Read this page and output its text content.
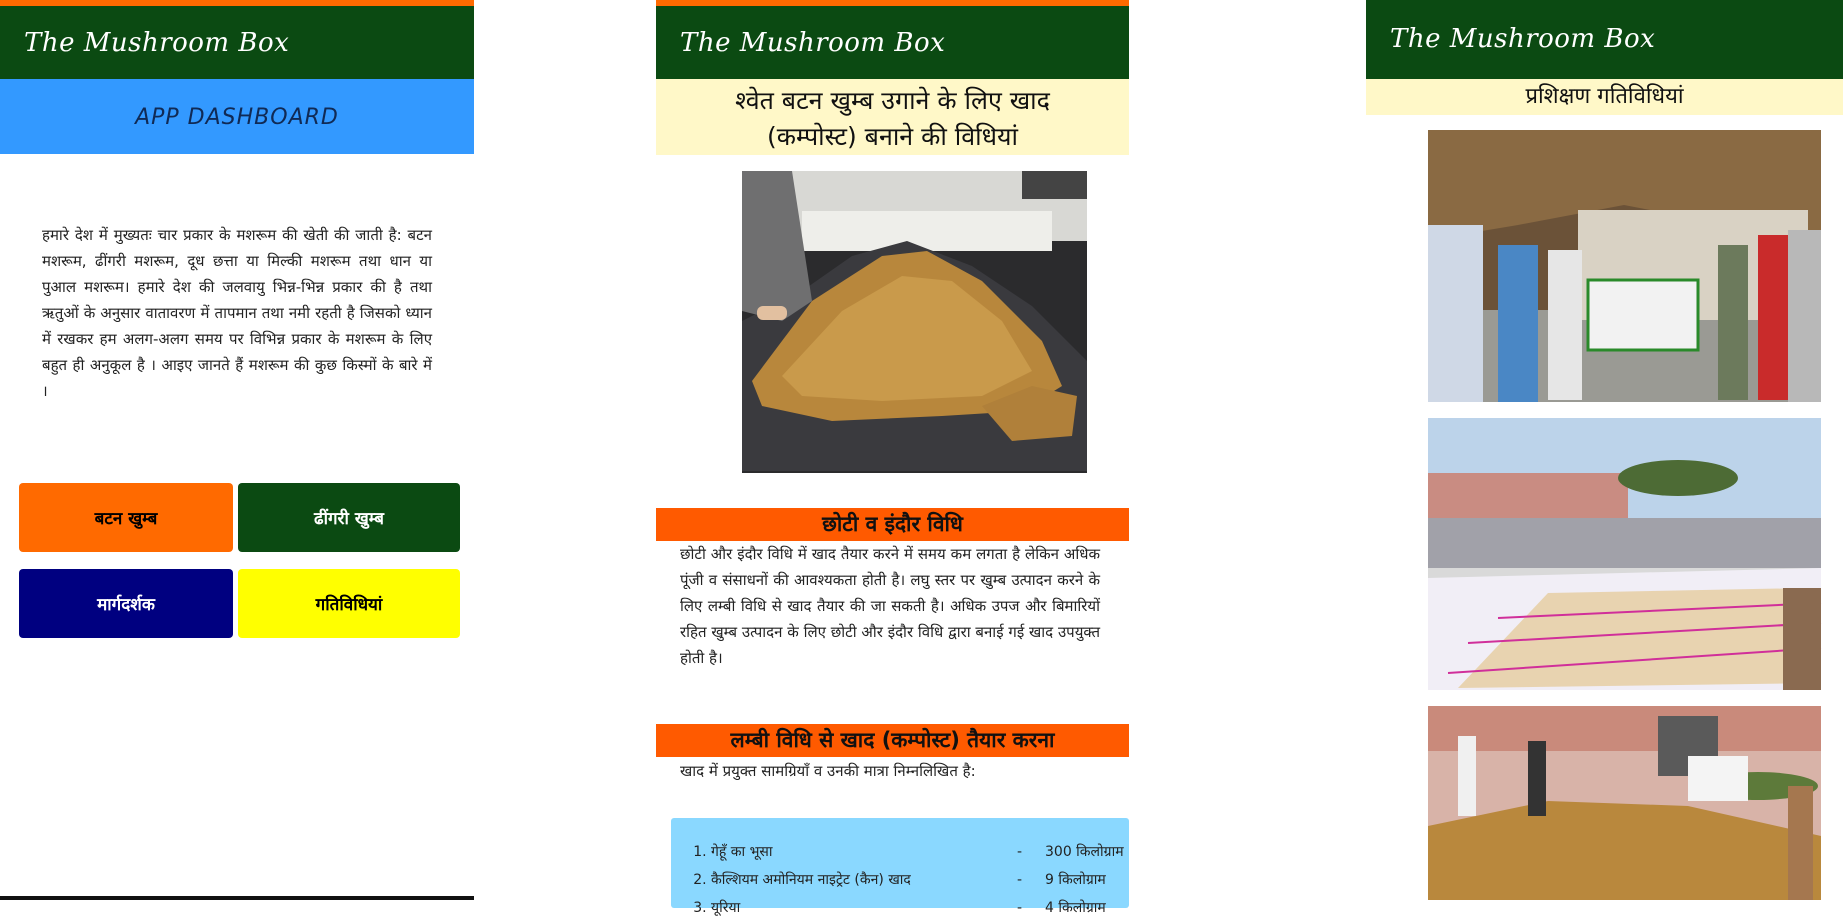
The Mushroom Box
APP DASHBOARD
हमारे देश में मुख्यतः चार प्रकार के मशरूम की खेती की जाती है: बटन मशरूम, ढींगरी मशरूम, दूध छत्ता या मिल्की मशरूम तथा धान या पुआल मशरूम। हमारे देश की जलवायु भिन्न-भिन्न प्रकार की है तथा ऋतुओं के अनुसार वातावरण में तापमान तथा नमी रहती है जिसको ध्यान में रखकर हम अलग-अलग समय पर विभिन्न प्रकार के मशरूम के लिए बहुत ही अनुकूल है । आइए जानते हैं मशरूम की कुछ किस्मों के बारे में ।
बटन खुम्ब	ढींगरी खुम्ब
मार्गदर्शक	गतिविधियां
The Mushroom Box
श्वेत बटन खुम्ब उगाने के लिए खाद
(कम्पोस्ट) बनाने की विधियां
छोटी व इंदौर विधि
छोटी और इंदौर विधि में खाद तैयार करने में समय कम लगता है लेकिन अधिक पूंजी व संसाधनों की आवश्यकता होती है। लघु स्तर पर खुम्ब उत्पादन करने के लिए लम्बी विधि से खाद तैयार की जा सकती है। अधिक उपज और बिमारियों रहित खुम्ब उत्पादन के लिए छोटी और इंदौर विधि द्वारा बनाई गई खाद उपयुक्त होती है।
लम्बी विधि से खाद (कम्पोस्ट) तैयार करना
खाद में प्रयुक्त सामग्रियाँ व उनकी मात्रा निम्नलिखित है:
1. गेहूँ का भूसा	- 300 किलोग्राम
2. कैल्शियम अमोनियम नाइट्रेट (कैन) खाद	- 9 किलोग्राम
3. यूरिया	- 4 किलोग्राम
The Mushroom Box
प्रशिक्षण गतिविधियां
